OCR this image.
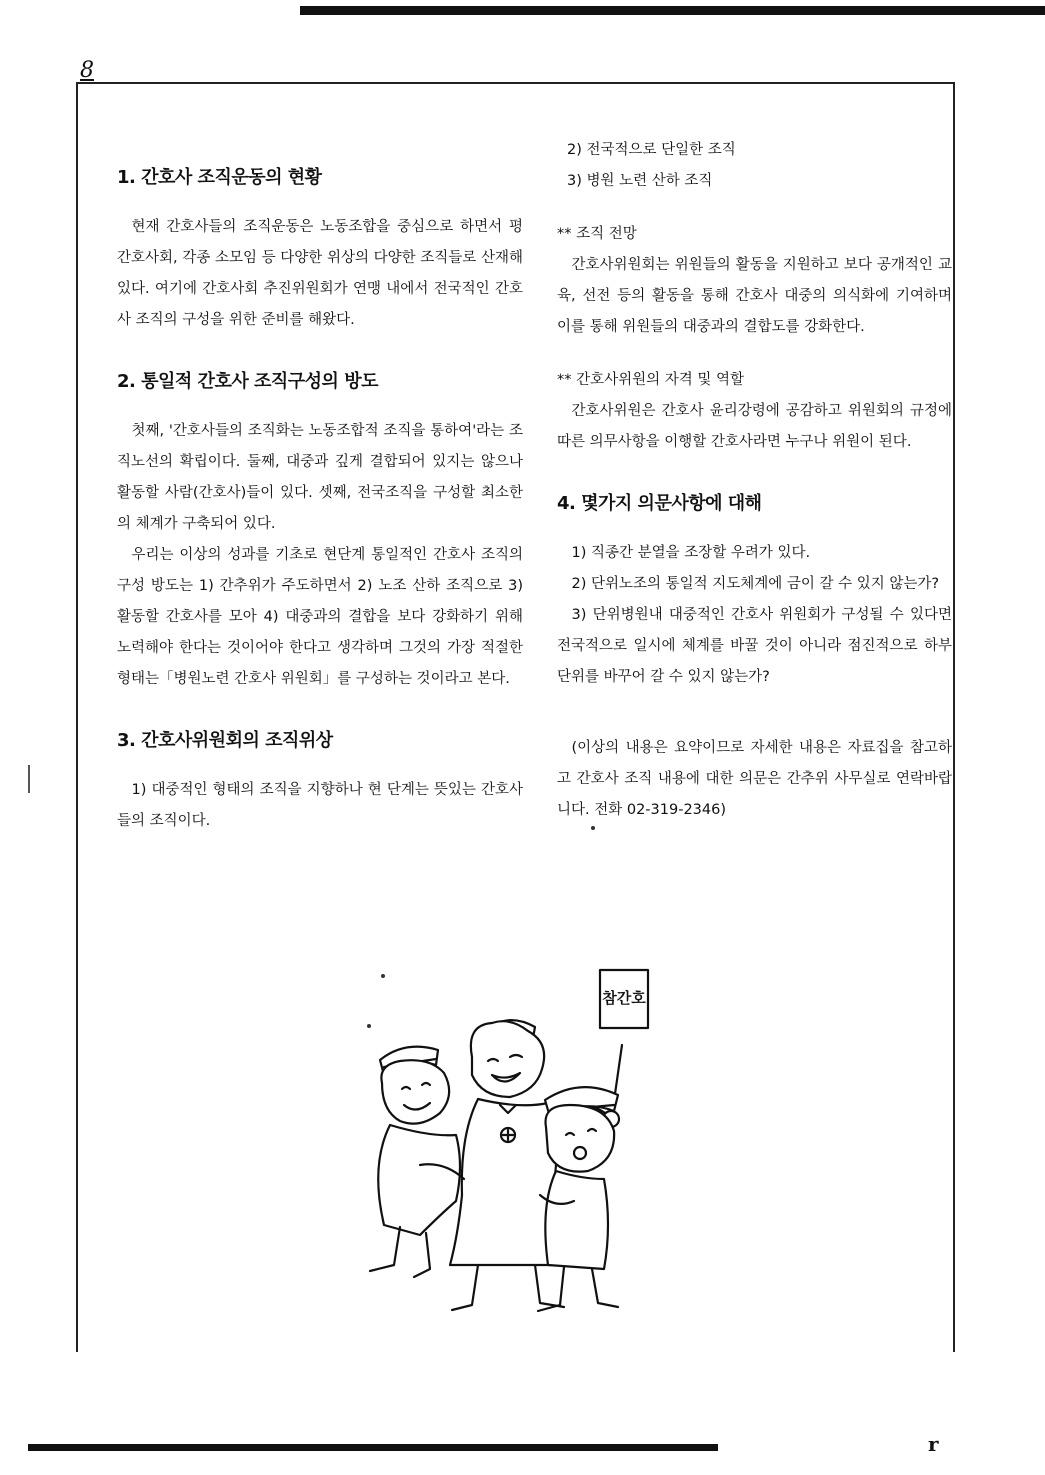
8
1. 간호사 조직운동의 현황

현재 간호사들의 조직운동은 노동조합을 중심으로 하면서 평간호사회, 각종 소모임 등 다양한 위상의 다양한 조직들로 산재해 있다. 여기에 간호사회 추진위원회가 연맹 내에서 전국적인 간호사 조직의 구성을 위한 준비를 해왔다.

2. 통일적 간호사 조직구성의 방도

첫째, '간호사들의 조직화는 노동조합적 조직을 통하여'라는 조직노선의 확립이다. 둘째, 대중과 깊게 결합되어 있지는 않으나 활동할 사람(간호사)들이 있다. 셋째, 전국조직을 구성할 최소한의 체계가 구축되어 있다.

우리는 이상의 성과를 기초로 현단계 통일적인 간호사 조직의 구성 방도는 1) 간추위가 주도하면서 2) 노조 산하 조직으로 3) 활동할 간호사를 모아 4) 대중과의 결합을 보다 강화하기 위해 노력해야 한다는 것이어야 한다고 생각하며 그것의 가장 적절한 형태는「병원노련 간호사 위원회」를 구성하는 것이라고 본다.

3. 간호사위원회의 조직위상

1) 대중적인 형태의 조직을 지향하나 현 단계는 뜻있는 간호사들의 조직이다.

2) 전국적으로 단일한 조직

3) 병원 노련 산하 조직

** 조직 전망

간호사위원회는 위원들의 활동을 지원하고 보다 공개적인 교육, 선전 등의 활동을 통해 간호사 대중의 의식화에 기여하며 이를 통해 위원들의 대중과의 결합도를 강화한다.

** 간호사위원의 자격 및 역할

간호사위원은 간호사 윤리강령에 공감하고 위원회의 규정에 따른 의무사항을 이행할 간호사라면 누구나 위원이 된다.

4. 몇가지 의문사항에 대해

1) 직종간 분열을 조장할 우려가 있다.

2) 단위노조의 통일적 지도체계에 금이 갈 수 있지 않는가?

3) 단위병원내 대중적인 간호사 위원회가 구성될 수 있다면 전국적으로 일시에 체계를 바꿀 것이 아니라 점진적으로 하부단위를 바꾸어 갈 수 있지 않는가?

(이상의 내용은 요약이므로 자세한 내용은 자료집을 참고하고 간호사 조직 내용에 대한 의문은 간추위 사무실로 연락바랍니다. 전화 02-319-2346)

참간호
r
